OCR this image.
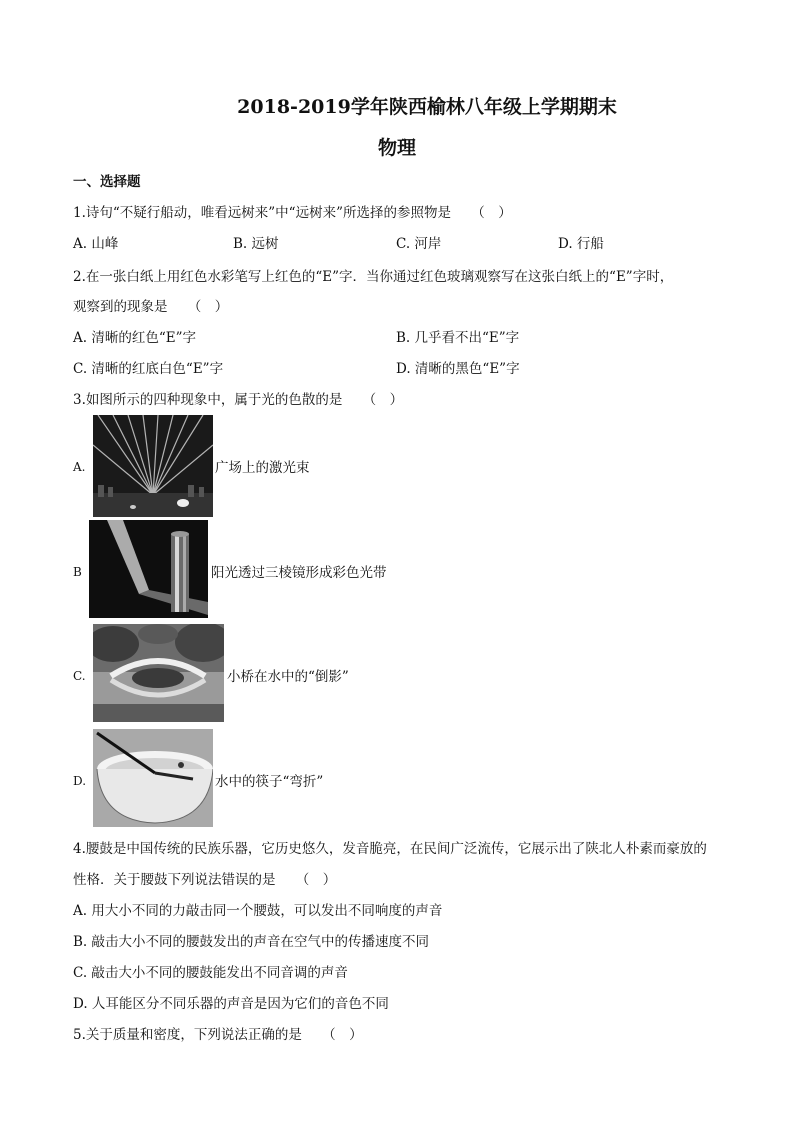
2018-2019学年陕西榆林八年级上学期期末
物理
一、选择题
1.诗句“不疑行船动，唯看远树来”中“远树来”所选择的参照物是　　（　）
A. 山峰	B. 远树	C. 河岸	D. 行船
2.在一张白纸上用红色水彩笔写上红色的“E”字．当你通过红色玻璃观察写在这张白纸上的“E”字时，
观察到的现象是　　（　）
A. 清晰的红色“E”字	B. 几乎看不出“E”字
C. 清晰的红底白色“E”字	D. 清晰的黑色“E”字
3.如图所示的四种现象中，属于光的色散的是　　（　）
A.	广场上的激光束
B	阳光透过三棱镜形成彩色光带
C.	小桥在水中的“倒影”
D.	水中的筷子“弯折”
4.腰鼓是中国传统的民族乐器，它历史悠久，发音脆亮，在民间广泛流传，它展示出了陕北人朴素而豪放的
性格．关于腰鼓下列说法错误的是　　（　）
A. 用大小不同的力敲击同一个腰鼓，可以发出不同响度的声音
B. 敲击大小不同的腰鼓发出的声音在空气中的传播速度不同
C. 敲击大小不同的腰鼓能发出不同音调的声音
D. 人耳能区分不同乐器的声音是因为它们的音色不同
5.关于质量和密度，下列说法正确的是　　（　）
